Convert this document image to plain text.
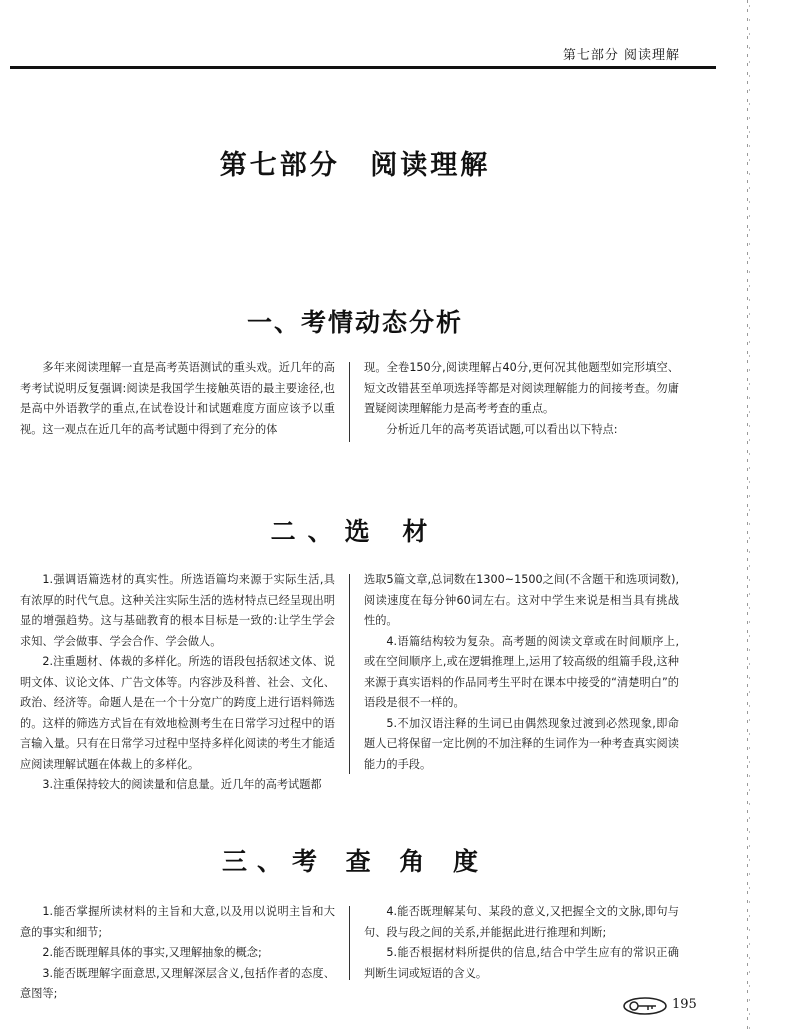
第七部分 阅读理解
第七部分 阅读理解
一、考情动态分析

多年来阅读理解一直是高考英语测试的重头戏。近几年的高考考试说明反复强调:阅读是我国学生接触英语的最主要途径,也是高中外语教学的重点,在试卷设计和试题难度方面应该予以重视。这一观点在近几年的高考试题中得到了充分的体

现。全卷150分,阅读理解占40分,更何况其他题型如完形填空、短文改错甚至单项选择等都是对阅读理解能力的间接考查。勿庸置疑阅读理解能力是高考考查的重点。

分析近几年的高考英语试题,可以看出以下特点:

二、选 材

1.强调语篇选材的真实性。所选语篇均来源于实际生活,具有浓厚的时代气息。这种关注实际生活的选材特点已经呈现出明显的增强趋势。这与基础教育的根本目标是一致的:让学生学会求知、学会做事、学会合作、学会做人。

2.注重题材、体裁的多样化。所选的语段包括叙述文体、说明文体、议论文体、广告文体等。内容涉及科普、社会、文化、政治、经济等。命题人是在一个十分宽广的跨度上进行语料筛选的。这样的筛选方式旨在有效地检测考生在日常学习过程中的语言输入量。只有在日常学习过程中坚持多样化阅读的考生才能适应阅读理解试题在体裁上的多样化。

3.注重保持较大的阅读量和信息量。近几年的高考试题都

选取5篇文章,总词数在1300~1500之间(不含题干和选项词数),阅读速度在每分钟60词左右。这对中学生来说是相当具有挑战性的。

4.语篇结构较为复杂。高考题的阅读文章或在时间顺序上,或在空间顺序上,或在逻辑推理上,运用了较高级的组篇手段,这种来源于真实语料的作品同考生平时在课本中接受的“清楚明白”的语段是很不一样的。

5.不加汉语注释的生词已由偶然现象过渡到必然现象,即命题人已将保留一定比例的不加注释的生词作为一种考查真实阅读能力的手段。

三、考 查 角 度

1.能否掌握所读材料的主旨和大意,以及用以说明主旨和大意的事实和细节;

2.能否既理解具体的事实,又理解抽象的概念;

3.能否既理解字面意思,又理解深层含义,包括作者的态度、意图等;

4.能否既理解某句、某段的意义,又把握全文的文脉,即句与句、段与段之间的关系,并能据此进行推理和判断;

5.能否根据材料所提供的信息,结合中学生应有的常识正确判断生词或短语的含义。

195
